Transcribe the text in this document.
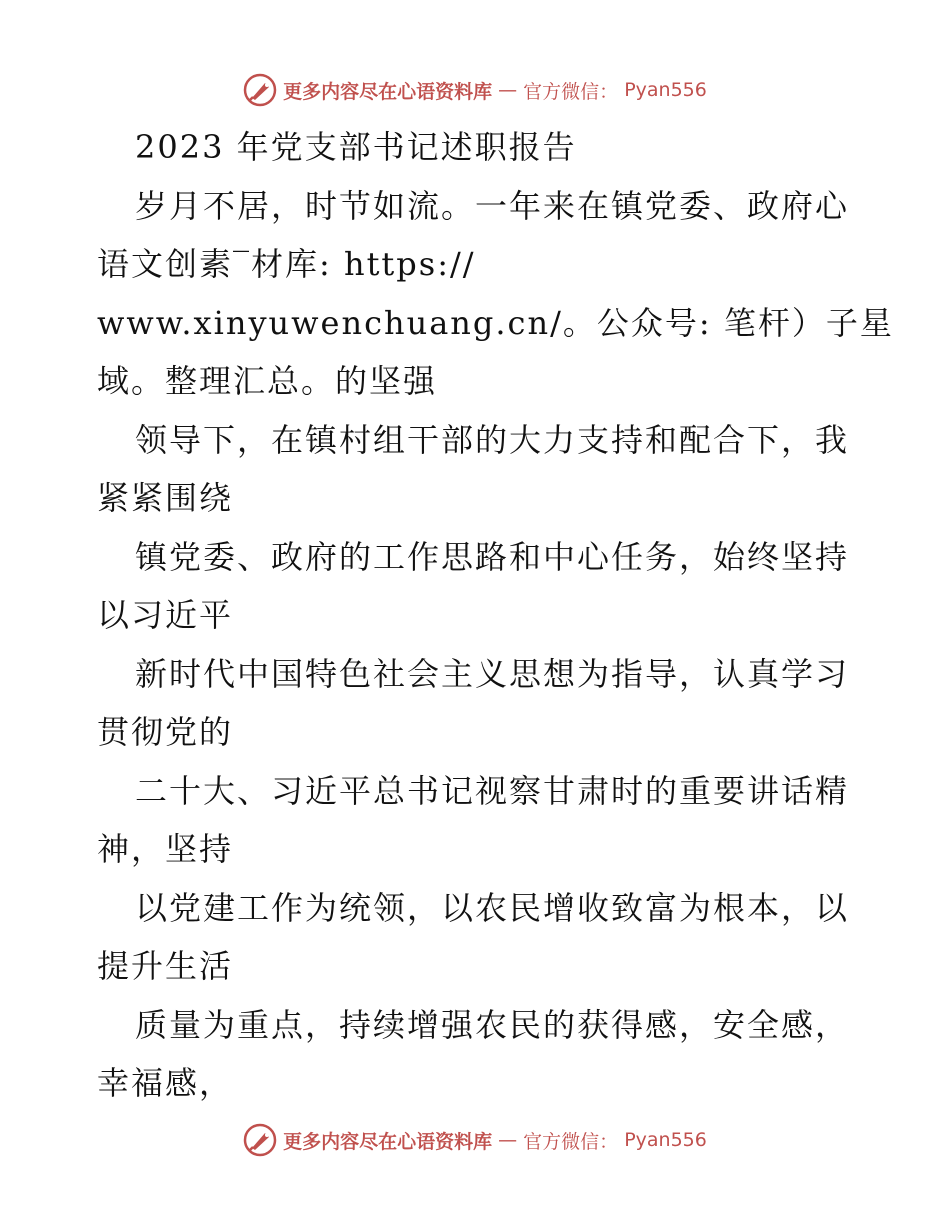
更多内容尽在心语资料库 — 官方微信： Pyan556
2023 年党支部书记述职报告
岁月不居，时节如流。一年来在镇党委、政府心
语文创素‾材库: https://
www.xinyuwenchuang.cn/。公众号: 笔杆）子星
域。整理汇总。的坚强
领导下，在镇村组干部的大力支持和配合下，我
紧紧围绕
镇党委、政府的工作思路和中心任务，始终坚持
以习近平
新时代中国特色社会主义思想为指导，认真学习
贯彻党的
二十大、习近平总书记视察甘肃时的重要讲话精
神，坚持
以党建工作为统领，以农民增收致富为根本，以
提升生活
质量为重点，持续增强农民的获得感，安全感，
幸福感，
更多内容尽在心语资料库 — 官方微信： Pyan556
